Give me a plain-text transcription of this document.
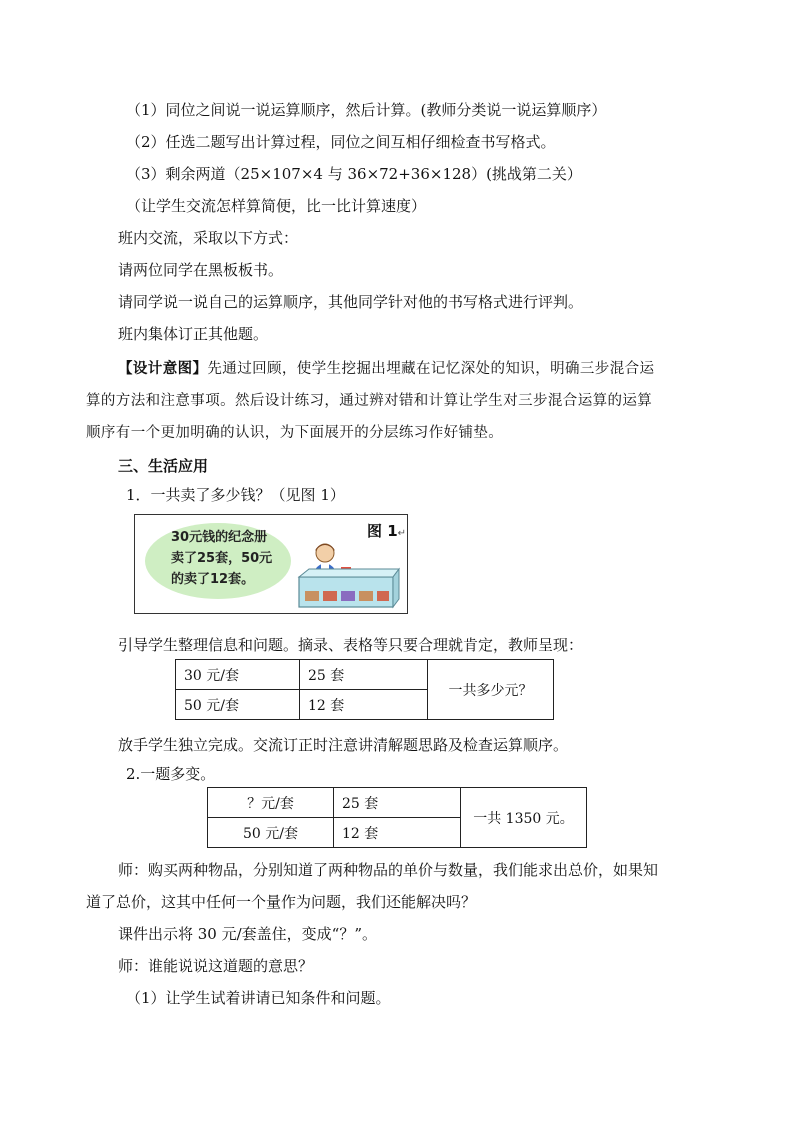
（1）同位之间说一说运算顺序，然后计算。(教师分类说一说运算顺序）
（2）任选二题写出计算过程，同位之间互相仔细检查书写格式。
（3）剩余两道（25×107×4 与 36×72+36×128）(挑战第二关）
（让学生交流怎样算简便，比一比计算速度）
班内交流，采取以下方式：
请两位同学在黑板板书。
请同学说一说自己的运算顺序，其他同学针对他的书写格式进行评判。
班内集体订正其他题。
【设计意图】先通过回顾，使学生挖掘出埋藏在记忆深处的知识，明确三步混合运
算的方法和注意事项。然后设计练习，通过辨对错和计算让学生对三步混合运算的运算
顺序有一个更加明确的认识，为下面展开的分层练习作好铺垫。
三、生活应用
1．一共卖了多少钱？（见图 1）
30元钱的纪念册
卖了25套，50元
的卖了12套。
图 1↵
引导学生整理信息和问题。摘录、表格等只要合理就肯定，教师呈现：
30 元/套	25 套	一共多少元？
50 元/套	12 套	
放手学生独立完成。交流订正时注意讲清解题思路及检查运算顺序。
2.一题多变。
？元/套	25 套	一共 1350 元。
50 元/套	12 套	
师：购买两种物品，分别知道了两种物品的单价与数量，我们能求出总价，如果知
道了总价，这其中任何一个量作为问题，我们还能解决吗？
课件出示将 30 元/套盖住，变成“？”。
师：谁能说说这道题的意思？
（1）让学生试着讲请已知条件和问题。
